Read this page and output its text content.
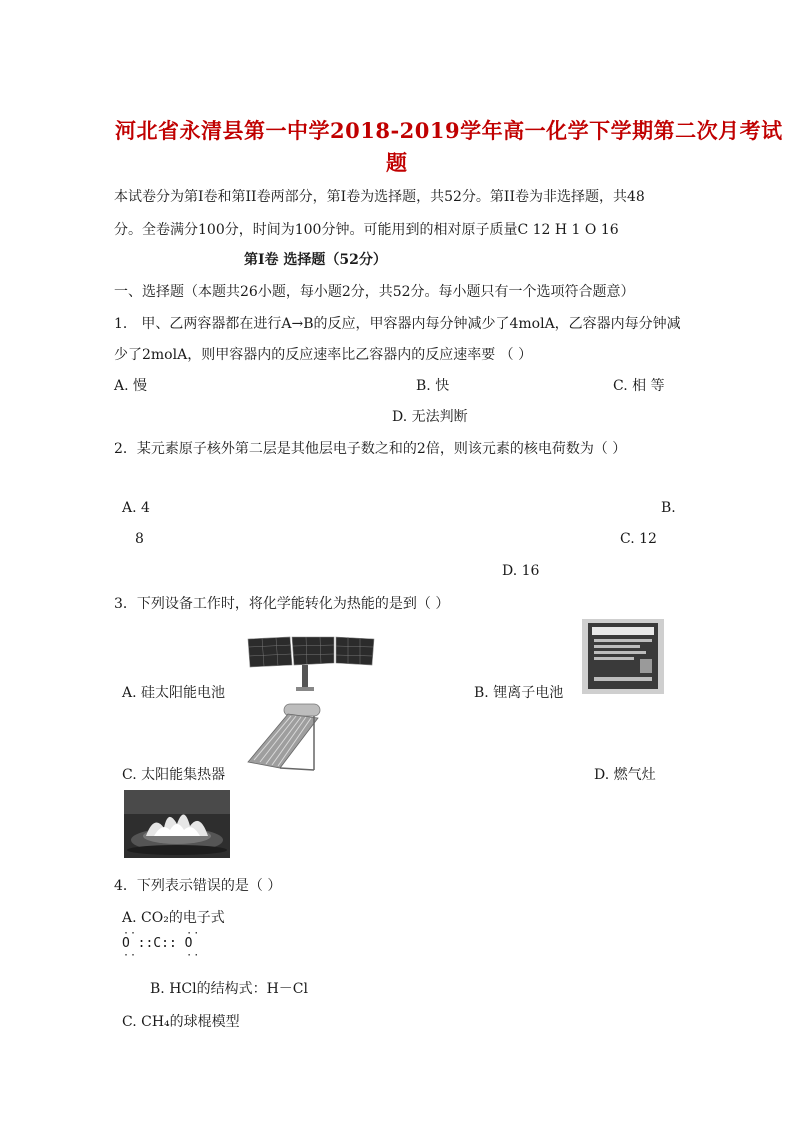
河北省永清县第一中学2018-2019学年高一化学下学期第二次月考试
题
本试卷分为第Ⅰ卷和第II卷两部分，第Ⅰ卷为选择题，共52分。第II卷为非选择题，共48
分。全卷满分100分，时间为100分钟。可能用到的相对原子质量C 12 H 1 O 16
第Ⅰ卷 选择题（52分）
一、选择题（本题共26小题，每小题2分，共52分。每小题只有一个选项符合题意）
1． 甲、乙两容器都在进行A→B的反应，甲容器内每分钟减少了4molA，乙容器内每分钟减
少了2molA，则甲容器内的反应速率比乙容器内的反应速率要 （ ）
A. 慢	B. 快	C. 相 等
D. 无法判断
2．某元素原子核外第二层是其他层电子数之和的2倍，则该元素的核电荷数为（ ）
A. 4	B.
8	C. 12
D. 16
3．下列设备工作时，将化学能转化为热能的是到（ ）
A. 硅太阳能电池	B. 锂离子电池
C. 太阳能集热器	D. 燃气灶
4．下列表示错误的是（ ）
A. CO₂的电子式
··       ··
O ::C:: O
··       ··
B. HCl的结构式：H－Cl
C. CH₄的球棍模型
